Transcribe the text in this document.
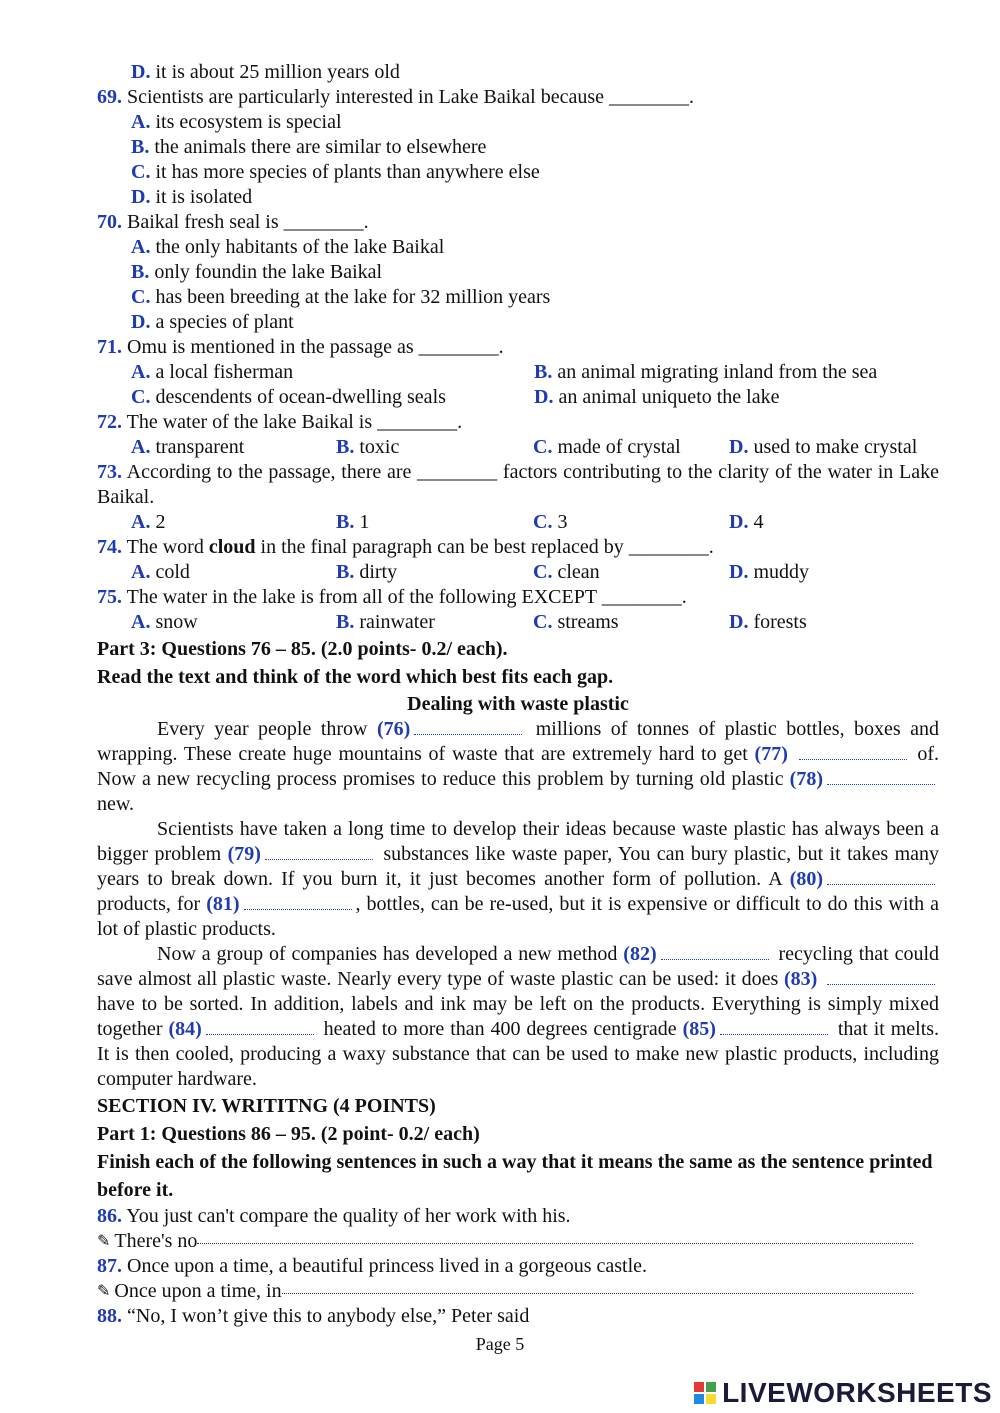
D. it is about 25 million years old
69. Scientists are particularly interested in Lake Baikal because ________.
A. its ecosystem is special
B. the animals there are similar to elsewhere
C. it has more species of plants than anywhere else
D. it is isolated
70. Baikal fresh seal is ________.
A. the only habitants of the lake Baikal
B. only foundin the lake Baikal
C. has been breeding at the lake for 32 million years
D. a species of plant
71. Omu is mentioned in the passage as ________.
A. a local fisherman	B. an animal migrating inland from the sea
C. descendents of ocean-dwelling seals	D. an animal uniqueto the lake
72. The water of the lake Baikal is ________.
A. transparent	B. toxic	C. made of crystal	D. used to make crystal
73. According to the passage, there are ________ factors contributing to the clarity of the water in Lake Baikal.
A. 2	B. 1	C. 3	D. 4
74. The word cloud in the final paragraph can be best replaced by ________.
A. cold	B. dirty	C. clean	D. muddy
75. The water in the lake is from all of the following EXCEPT ________.
A. snow	B. rainwater	C. streams	D. forests
Part 3: Questions 76 – 85. (2.0 points- 0.2/ each).
Read the text and think of the word which best fits each gap.
Dealing with waste plastic
Every year people throw (76)	millions of tonnes of plastic bottles, boxes and wrapping. These create huge mountains of waste that are extremely hard to get (77)	of. Now a new recycling process promises to reduce this problem by turning old plastic (78) new.
Scientists have taken a long time to develop their ideas because waste plastic has always been a bigger problem (79)	substances like waste paper, You can bury plastic, but it takes many years to break down. If you burn it, it just becomes another form of pollution. A (80) products, for (81)	, bottles, can be re-used, but it is expensive or difficult to do this with a lot of plastic products.
Now a group of companies has developed a new method (82)	recycling that could save almost all plastic waste. Nearly every type of waste plastic can be used: it does (83)  have to be sorted. In addition, labels and ink may be left on the products. Everything is simply mixed together (84)	heated to more than 400 degrees centigrade (85)	that it melts. It is then cooled, producing a waxy substance that can be used to make new plastic products, including computer hardware.
SECTION IV. WRITITNG (4 POINTS)
Part 1: Questions 86 – 95. (2 point- 0.2/ each)
Finish each of the following sentences in such a way that it means the same as the sentence printed before it.
86. You just can't compare the quality of her work with his.
✎ There's no
87. Once upon a time, a beautiful princess lived in a gorgeous castle.
✎ Once upon a time, in
88. “No, I won’t give this to anybody else,” Peter said
Page 5
LIVEWORKSHEETS
